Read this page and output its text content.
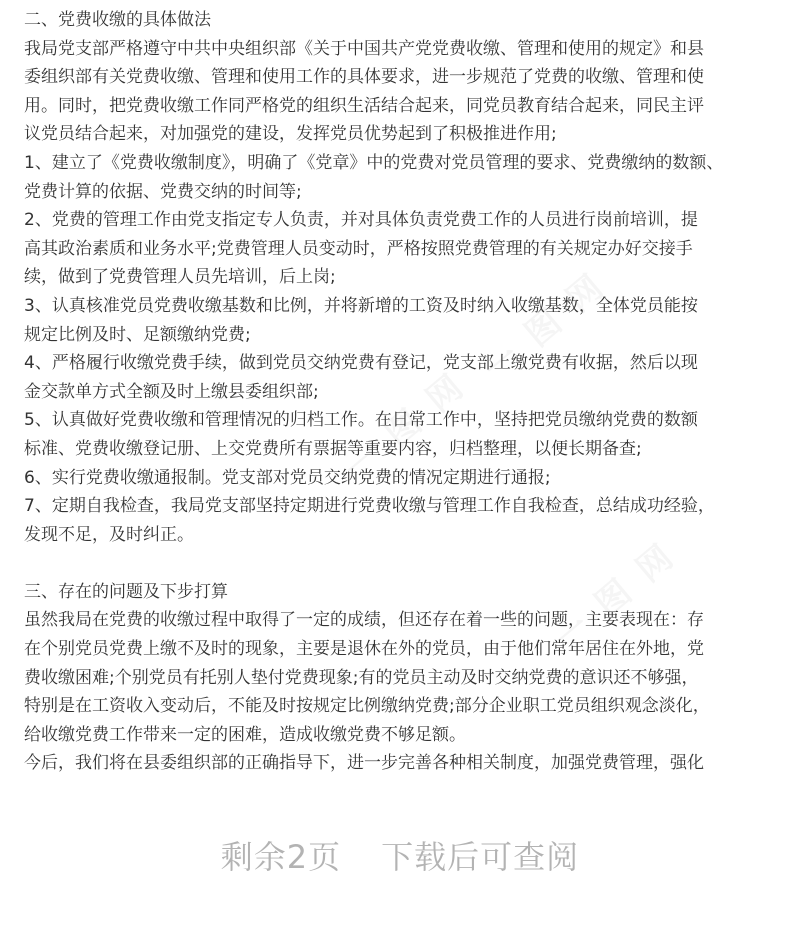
一 图 网
一 图 网
一 图 网
二、党费收缴的具体做法
我局党支部严格遵守中共中央组织部《关于中国共产党党费收缴、管理和使用的规定》和县
委组织部有关党费收缴、管理和使用工作的具体要求，进一步规范了党费的收缴、管理和使
用。同时，把党费收缴工作同严格党的组织生活结合起来，同党员教育结合起来，同民主评
议党员结合起来，对加强党的建设，发挥党员优势起到了积极推进作用;
1、建立了《党费收缴制度》，明确了《党章》中的党费对党员管理的要求、党费缴纳的数额、
党费计算的依据、党费交纳的时间等;
2、党费的管理工作由党支指定专人负责，并对具体负责党费工作的人员进行岗前培训，提
高其政治素质和业务水平;党费管理人员变动时，严格按照党费管理的有关规定办好交接手
续，做到了党费管理人员先培训，后上岗;
3、认真核准党员党费收缴基数和比例，并将新增的工资及时纳入收缴基数，全体党员能按
规定比例及时、足额缴纳党费;
4、严格履行收缴党费手续，做到党员交纳党费有登记，党支部上缴党费有收据，然后以现
金交款单方式全额及时上缴县委组织部;
5、认真做好党费收缴和管理情况的归档工作。在日常工作中，坚持把党员缴纳党费的数额
标准、党费收缴登记册、上交党费所有票据等重要内容，归档整理，以便长期备查;
6、实行党费收缴通报制。党支部对党员交纳党费的情况定期进行通报;
7、定期自我检查，我局党支部坚持定期进行党费收缴与管理工作自我检查，总结成功经验，
发现不足，及时纠正。
三、存在的问题及下步打算
虽然我局在党费的收缴过程中取得了一定的成绩，但还存在着一些的问题，主要表现在：存
在个别党员党费上缴不及时的现象，主要是退休在外的党员，由于他们常年居住在外地，党
费收缴困难;个别党员有托别人垫付党费现象;有的党员主动及时交纳党费的意识还不够强，
特别是在工资收入变动后，不能及时按规定比例缴纳党费;部分企业职工党员组织观念淡化，
给收缴党费工作带来一定的困难，造成收缴党费不够足额。
今后，我们将在县委组织部的正确指导下，进一步完善各种相关制度，加强党费管理，强化
剩余2页 下载后可查阅
